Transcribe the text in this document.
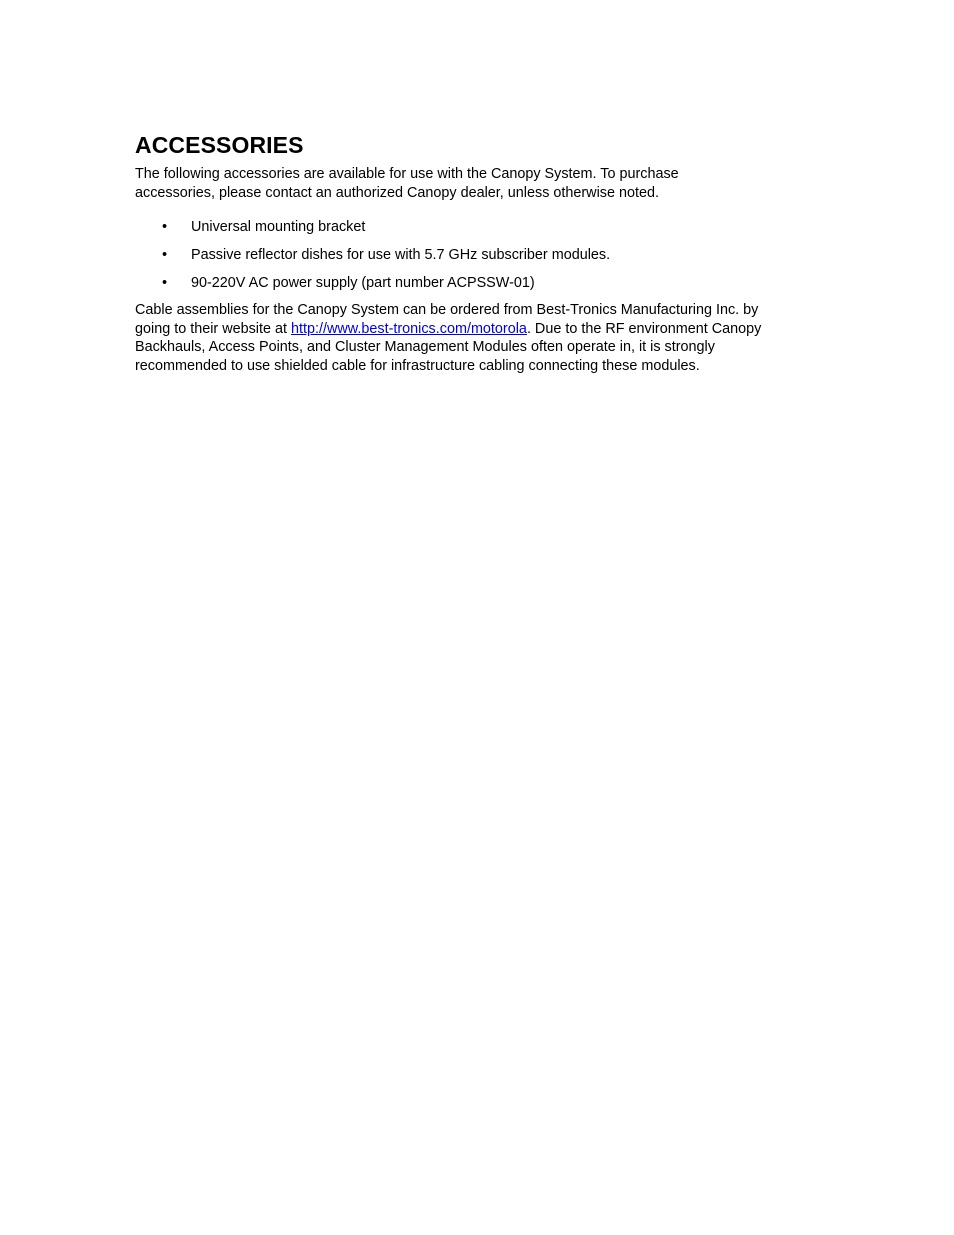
ACCESSORIES

The following accessories are available for use with the Canopy System. To purchase
accessories, please contact an authorized Canopy dealer, unless otherwise noted.

• Universal mounting bracket
• Passive reflector dishes for use with 5.7 GHz subscriber modules.
• 90-220V AC power supply (part number ACPSSW-01)

Cable assemblies for the Canopy System can be ordered from Best-Tronics Manufacturing Inc. by
going to their website at http://www.best-tronics.com/motorola. Due to the RF environment Canopy
Backhauls, Access Points, and Cluster Management Modules often operate in, it is strongly
recommended to use shielded cable for infrastructure cabling connecting these modules.
